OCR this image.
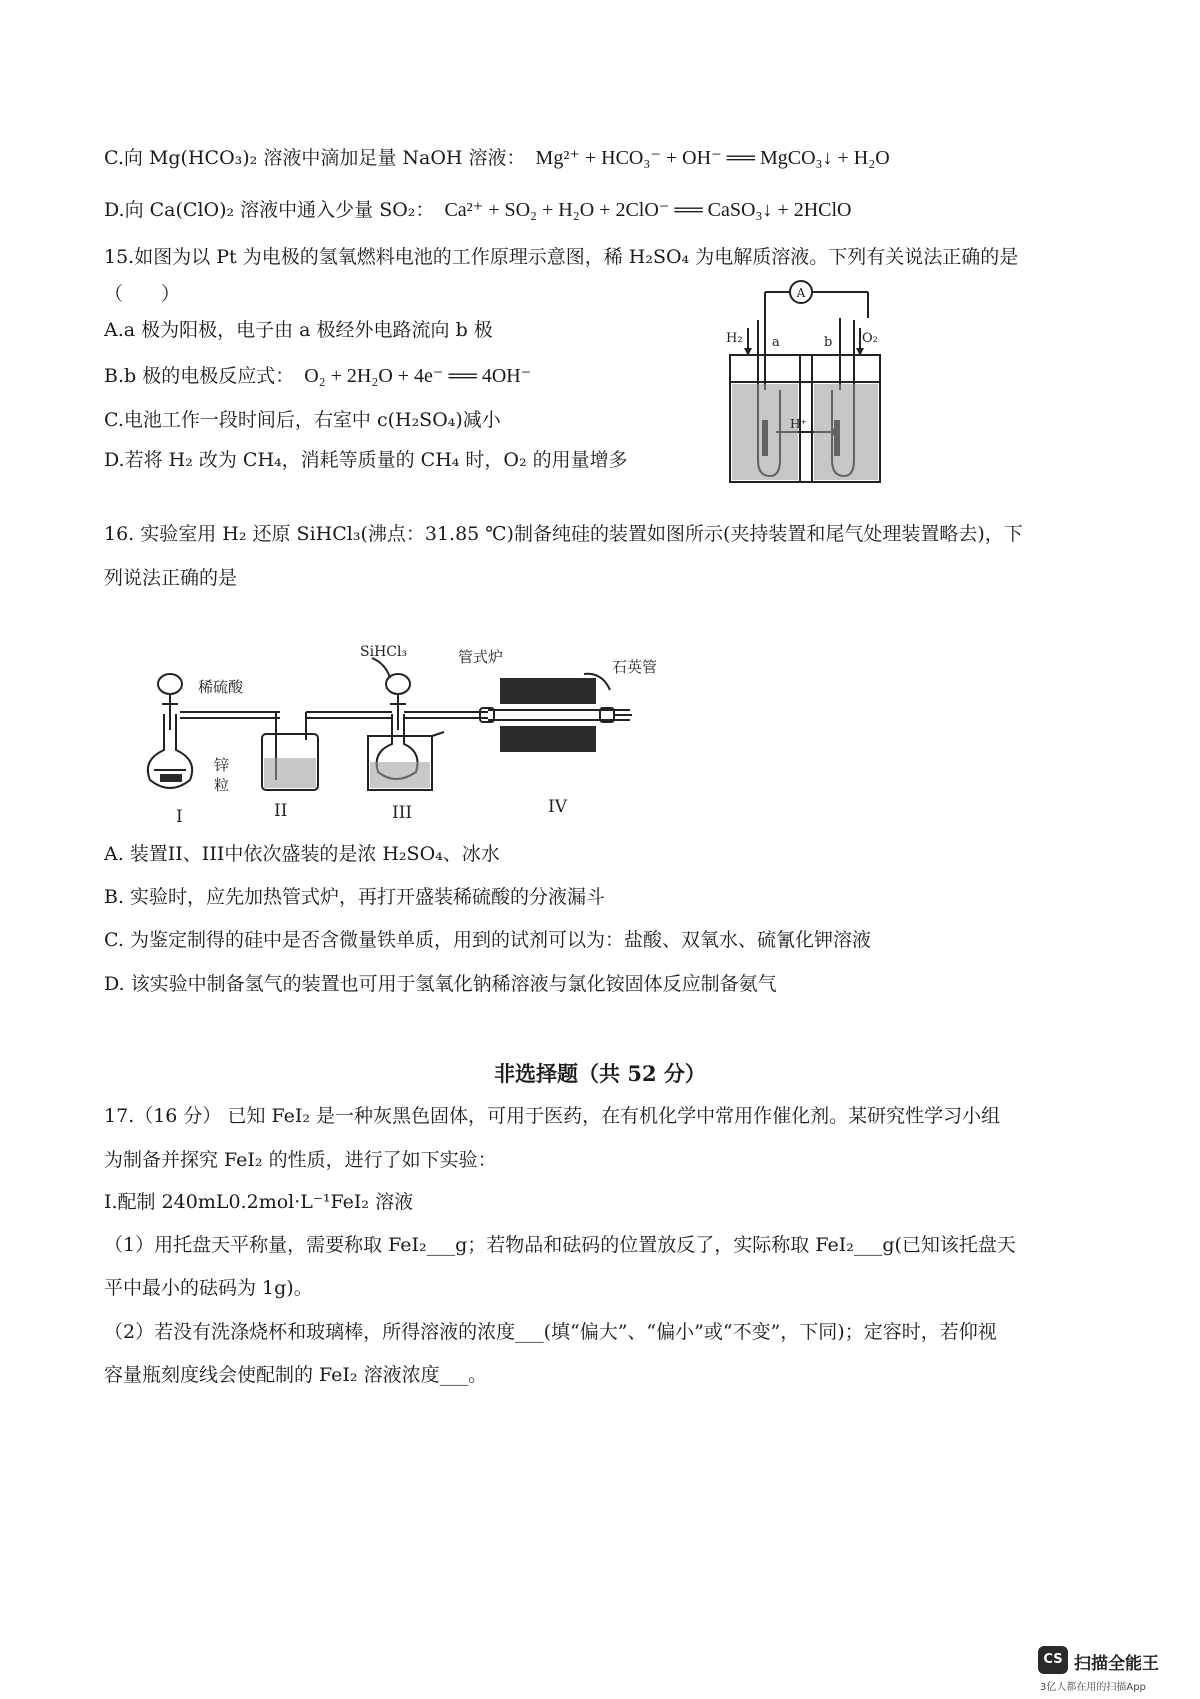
C.向 Mg(HCO₃)₂ 溶液中滴加足量 NaOH 溶液： Mg²⁺ + HCO₃⁻ + OH⁻ ══ MgCO₃↓ + H₂O
D.向 Ca(ClO)₂ 溶液中通入少量 SO₂： Ca²⁺ + SO₂ + H₂O + 2ClO⁻ ══ CaSO₃↓ + 2HClO
15.如图为以 Pt 为电极的氢氧燃料电池的工作原理示意图，稀 H₂SO₄ 为电解质溶液。下列有关说法正确的是
（　　）
A.a 极为阳极，电子由 a 极经外电路流向 b 极
B.b 极的电极反应式： O₂ + 2H₂O + 4e⁻ ══ 4OH⁻
C.电池工作一段时间后，右室中 c(H₂SO₄)减小
D.若将 H₂ 改为 CH₄，消耗等质量的 CH₄ 时，O₂ 的用量增多
A
H₂	O₂
a	b
H⁺
16. 实验室用 H₂ 还原 SiHCl₃(沸点：31.85 ℃)制备纯硅的装置如图所示(夹持装置和尾气处理装置略去)，下
列说法正确的是
稀硫酸
SiHCl₃	管式炉
石英管
锌
粒
I	II	III	IV
A. 装置II、III中依次盛装的是浓 H₂SO₄、冰水
B. 实验时，应先加热管式炉，再打开盛装稀硫酸的分液漏斗
C. 为鉴定制得的硅中是否含微量铁单质，用到的试剂可以为：盐酸、双氧水、硫氰化钾溶液
D. 该实验中制备氢气的装置也可用于氢氧化钠稀溶液与氯化铵固体反应制备氨气
非选择题（共 52 分）
17.（16 分） 已知 FeI₂ 是一种灰黑色固体，可用于医药，在有机化学中常用作催化剂。某研究性学习小组
为制备并探究 FeI₂ 的性质，进行了如下实验：
I.配制 240mL0.2mol·L⁻¹FeI₂ 溶液
（1）用托盘天平称量，需要称取 FeI₂___g；若物品和砝码的位置放反了，实际称取 FeI₂___g(已知该托盘天
平中最小的砝码为 1g)。
（2）若没有洗涤烧杯和玻璃棒，所得溶液的浓度___(填“偏大”、“偏小”或“不变”，下同)；定容时，若仰视
容量瓶刻度线会使配制的 FeI₂ 溶液浓度___。
CS 扫描全能王
3亿人都在用的扫描App
